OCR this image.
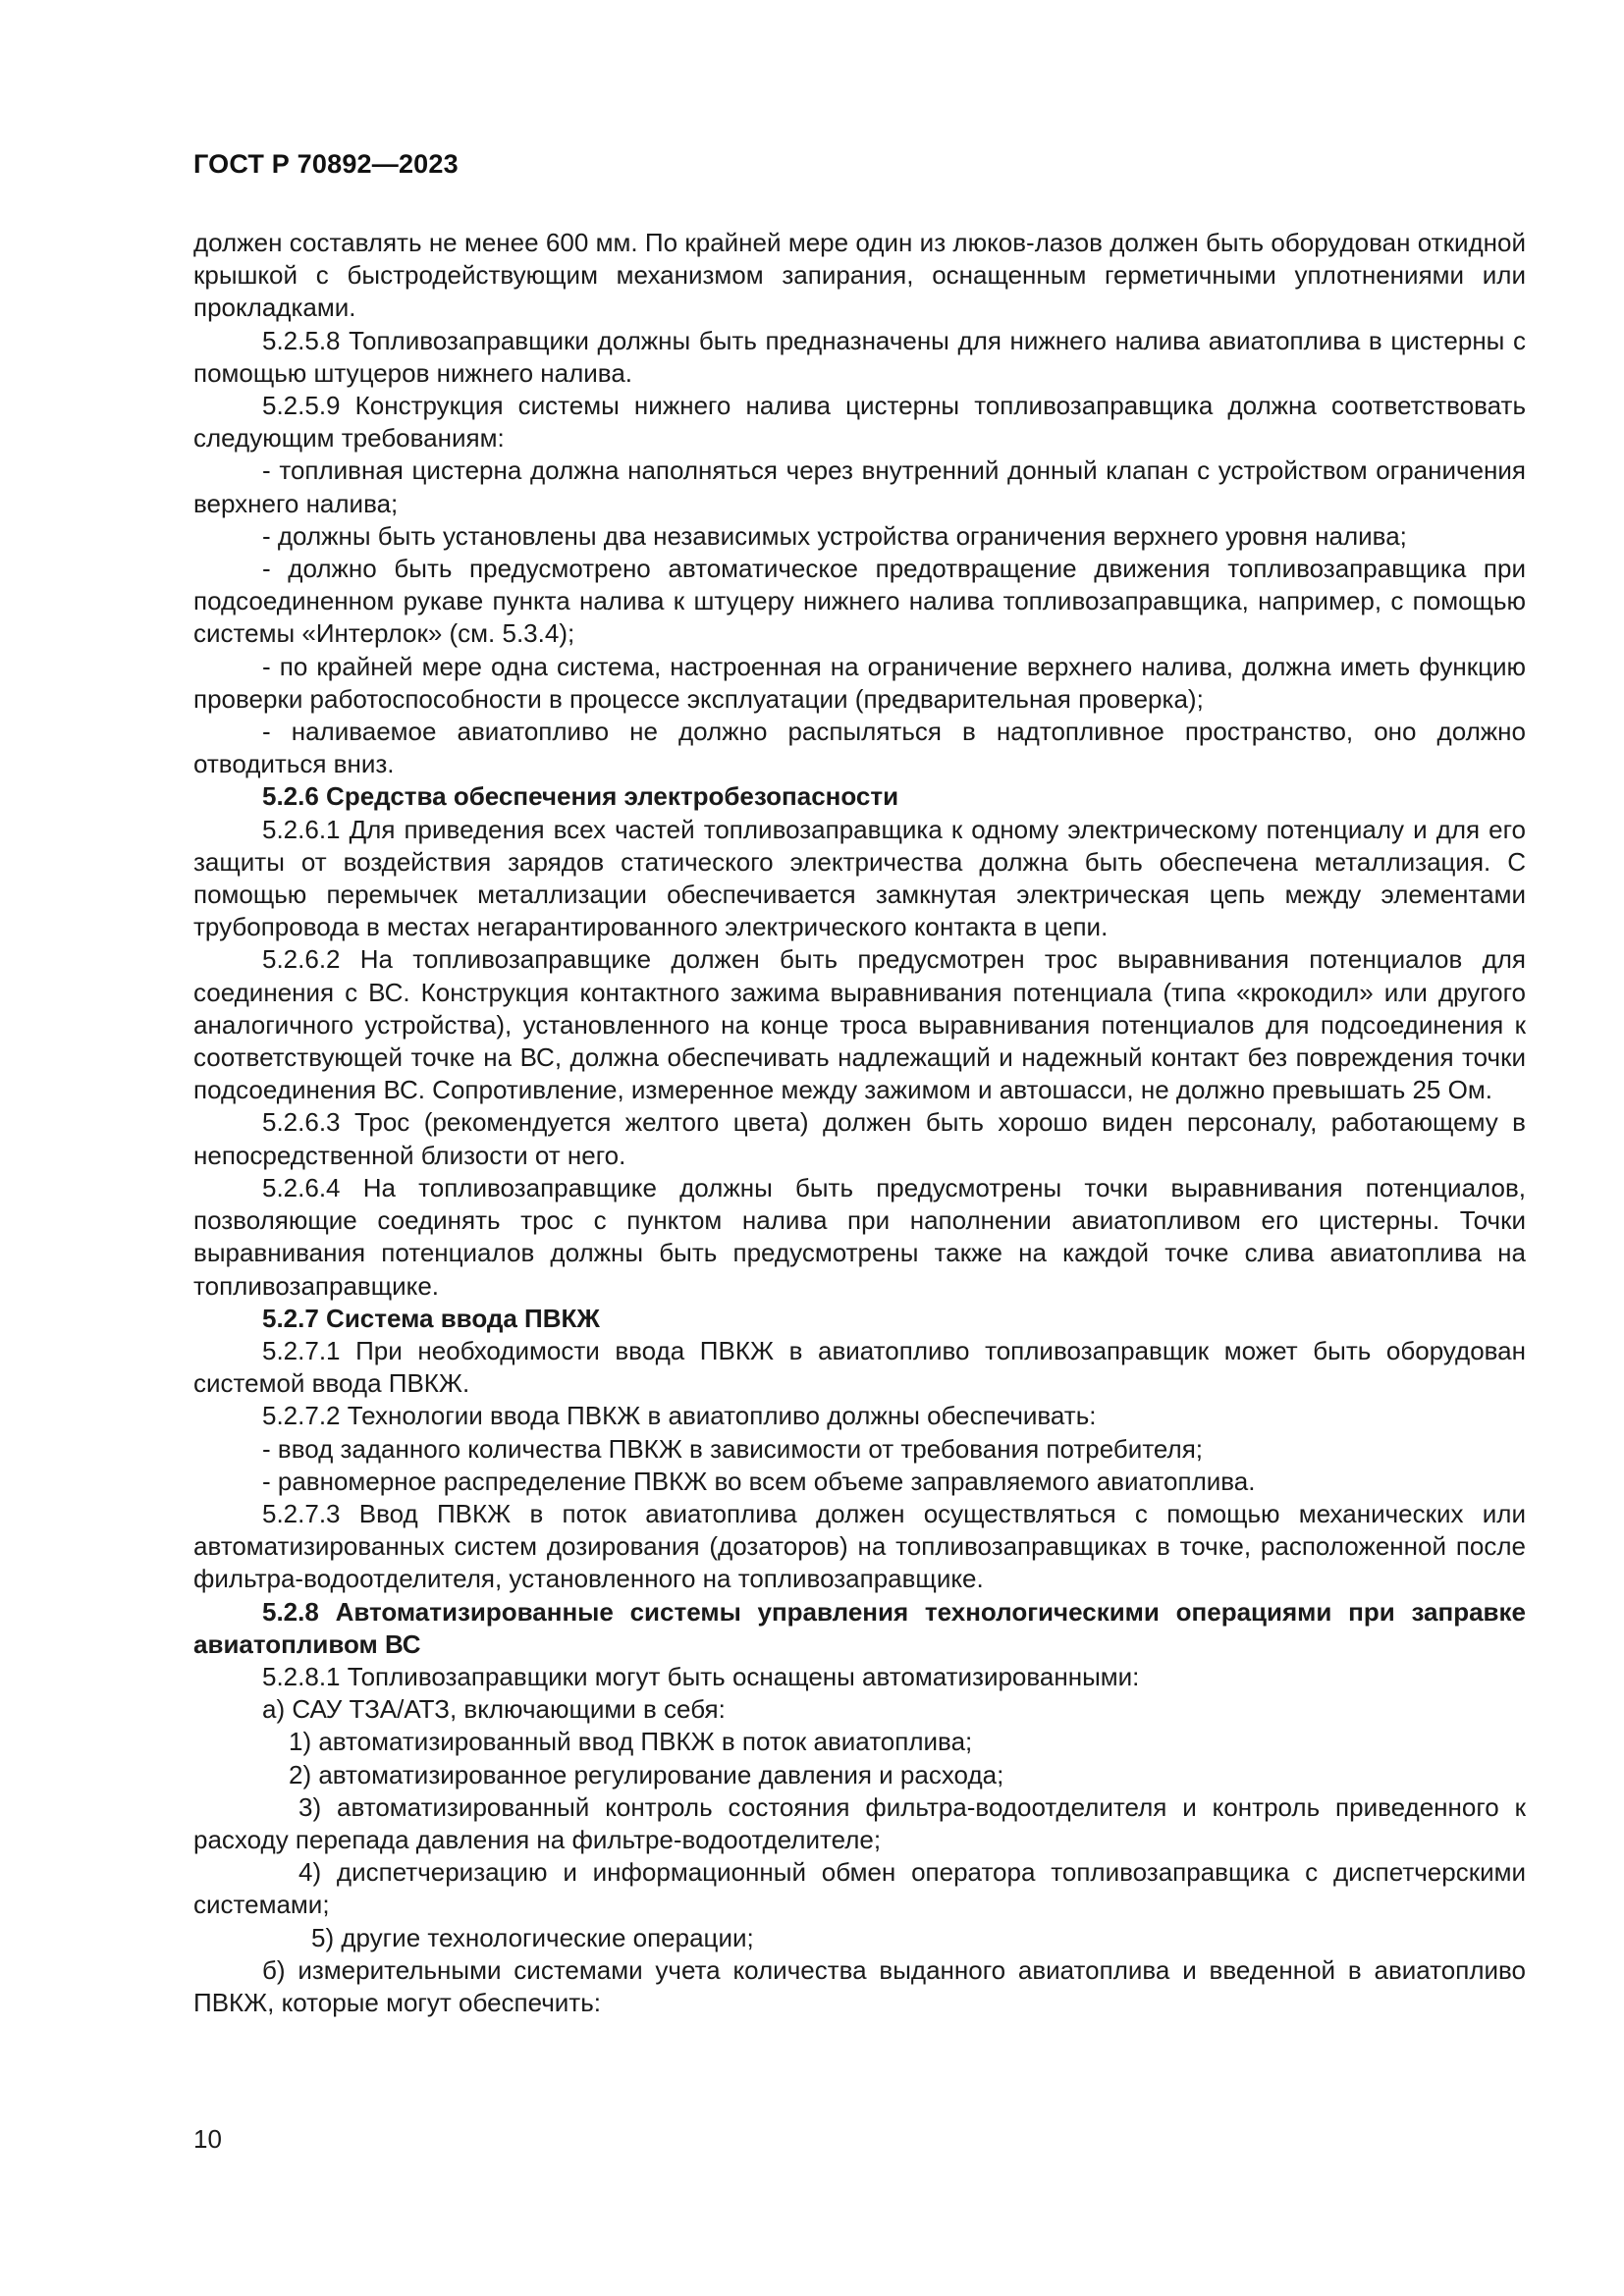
ГОСТ Р 70892—2023

должен составлять не менее 600 мм. По крайней мере один из люков-лазов должен быть оборудован откидной крышкой с быстродействующим механизмом запирания, оснащенным герметичными уплотнениями или прокладками.

5.2.5.8 Топливозаправщики должны быть предназначены для нижнего налива авиатоплива в цистерны с помощью штуцеров нижнего налива.

5.2.5.9 Конструкция системы нижнего налива цистерны топливозаправщика должна соответствовать следующим требованиям:

- топливная цистерна должна наполняться через внутренний донный клапан с устройством ограничения верхнего налива;

- должны быть установлены два независимых устройства ограничения верхнего уровня налива;

- должно быть предусмотрено автоматическое предотвращение движения топливозаправщика при подсоединенном рукаве пункта налива к штуцеру нижнего налива топливозаправщика, например, с помощью системы «Интерлок» (см. 5.3.4);

- по крайней мере одна система, настроенная на ограничение верхнего налива, должна иметь функцию проверки работоспособности в процессе эксплуатации (предварительная проверка);

- наливаемое авиатопливо не должно распыляться в надтопливное пространство, оно должно отводиться вниз.

5.2.6 Средства обеспечения электробезопасности

5.2.6.1 Для приведения всех частей топливозаправщика к одному электрическому потенциалу и для его защиты от воздействия зарядов статического электричества должна быть обеспечена металлизация. С помощью перемычек металлизации обеспечивается замкнутая электрическая цепь между элементами трубопровода в местах негарантированного электрического контакта в цепи.

5.2.6.2 На топливозаправщике должен быть предусмотрен трос выравнивания потенциалов для соединения с ВС. Конструкция контактного зажима выравнивания потенциала (типа «крокодил» или другого аналогичного устройства), установленного на конце троса выравнивания потенциалов для подсоединения к соответствующей точке на ВС, должна обеспечивать надлежащий и надежный контакт без повреждения точки подсоединения ВС. Сопротивление, измеренное между зажимом и автошасси, не должно превышать 25 Ом.

5.2.6.3 Трос (рекомендуется желтого цвета) должен быть хорошо виден персоналу, работающему в непосредственной близости от него.

5.2.6.4 На топливозаправщике должны быть предусмотрены точки выравнивания потенциалов, позволяющие соединять трос с пунктом налива при наполнении авиатопливом его цистерны. Точки выравнивания потенциалов должны быть предусмотрены также на каждой точке слива авиатоплива на топливозаправщике.

5.2.7 Система ввода ПВКЖ

5.2.7.1 При необходимости ввода ПВКЖ в авиатопливо топливозаправщик может быть оборудован системой ввода ПВКЖ.

5.2.7.2 Технологии ввода ПВКЖ в авиатопливо должны обеспечивать:

- ввод заданного количества ПВКЖ в зависимости от требования потребителя;

- равномерное распределение ПВКЖ во всем объеме заправляемого авиатоплива.

5.2.7.3 Ввод ПВКЖ в поток авиатоплива должен осуществляться с помощью механических или автоматизированных систем дозирования (дозаторов) на топливозаправщиках в точке, расположенной после фильтра-водоотделителя, установленного на топливозаправщике.

5.2.8 Автоматизированные системы управления технологическими операциями при заправке авиатопливом ВС

5.2.8.1 Топливозаправщики могут быть оснащены автоматизированными:

а) САУ ТЗА/АТЗ, включающими в себя:

1) автоматизированный ввод ПВКЖ в поток авиатоплива;

2) автоматизированное регулирование давления и расхода;

3) автоматизированный контроль состояния фильтра-водоотделителя и контроль приведенного к расходу перепада давления на фильтре-водоотделителе;

4) диспетчеризацию и информационный обмен оператора топливозаправщика с диспетчерскими системами;

5) другие технологические операции;

б) измерительными системами учета количества выданного авиатоплива и введенной в авиатопливо ПВКЖ, которые могут обеспечить:

10
